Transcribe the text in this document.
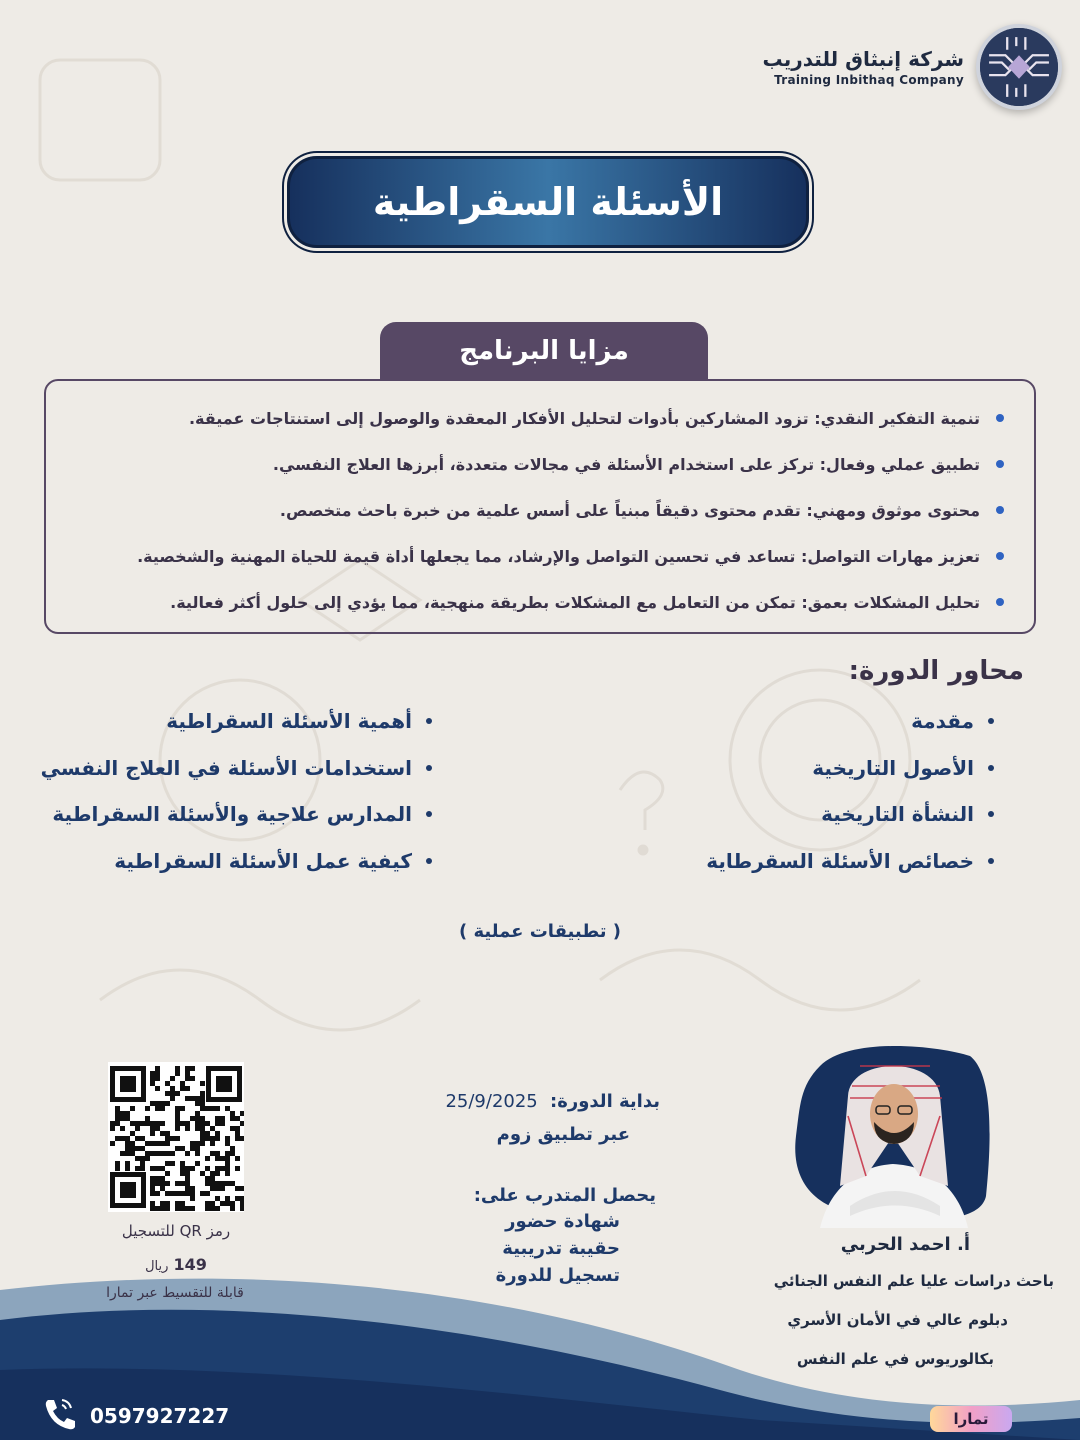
شركة إنبثاق للتدريب
Training Inbithaq Company
الأسئلة السقراطية
مزايا البرنامج
تنمية التفكير النقدي: تزود المشاركين بأدوات لتحليل الأفكار المعقدة والوصول إلى استنتاجات عميقة.
تطبيق عملي وفعال: تركز على استخدام الأسئلة في مجالات متعددة، أبرزها العلاج النفسي.
محتوى موثوق ومهني: تقدم محتوى دقيقاً مبنياً على أسس علمية من خبرة باحث متخصص.
تعزيز مهارات التواصل: تساعد في تحسين التواصل والإرشاد، مما يجعلها أداة قيمة للحياة المهنية والشخصية.
تحليل المشكلات بعمق: تمكن من التعامل مع المشكلات بطريقة منهجية، مما يؤدي إلى حلول أكثر فعالية.
محاور الدورة:
مقدمة
الأصول التاريخية
النشأة التاريخية
خصائص الأسئلة السقرطاية
أهمية الأسئلة السقراطية
استخدامات الأسئلة في العلاج النفسي
المدارس علاجية والأسئلة السقراطية
كيفية عمل الأسئلة السقراطية
( تطبيقات عملية )
0597927227	تمارا
رمز QR للتسجيل
149 ريال
قابلة للتقسيط عبر تمارا
بداية الدورة: 25/9/2025
عبر تطبيق زوم
يحصل المتدرب على:
شهادة حضور
حقيبة تدريبية
تسجيل للدورة
أ. احمد الحربي
باحث دراسات عليا علم النفس الجنائي
دبلوم عالي في الأمان الأسري
بكالوريوس في علم النفس
